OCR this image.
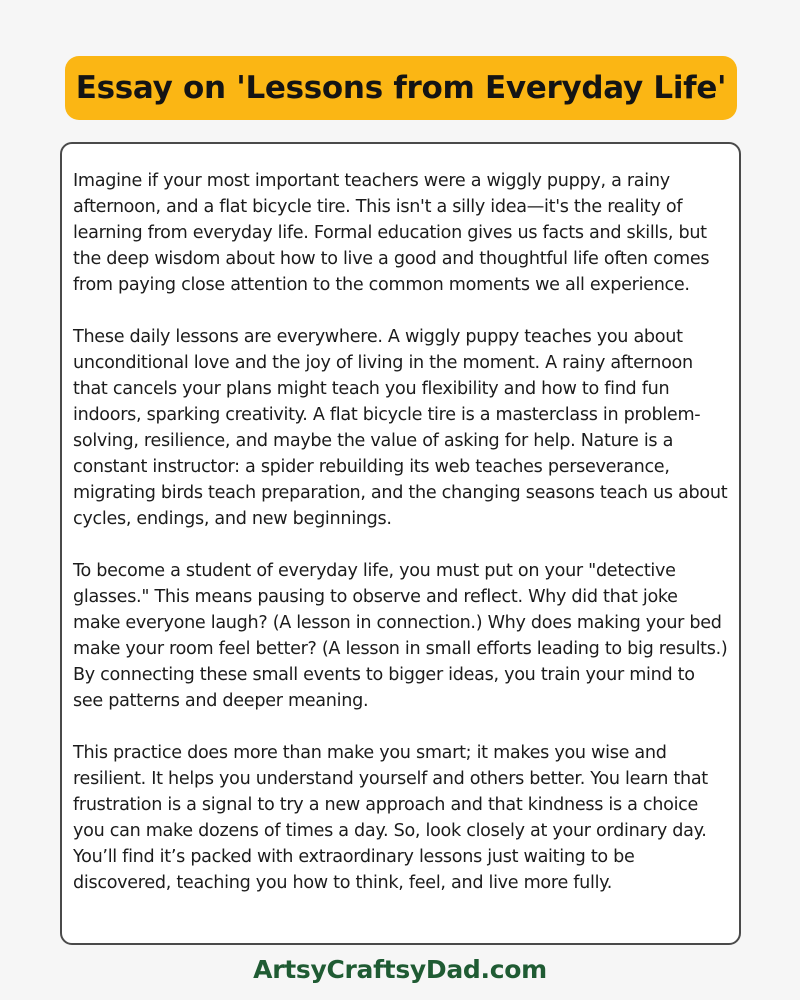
Essay on 'Lessons from Everyday Life'

Imagine if your most important teachers were a wiggly puppy, a rainy afternoon, and a flat bicycle tire. This isn't a silly idea—it's the reality of learning from everyday life. Formal education gives us facts and skills, but the deep wisdom about how to live a good and thoughtful life often comes from paying close attention to the common moments we all experience.

These daily lessons are everywhere. A wiggly puppy teaches you about unconditional love and the joy of living in the moment. A rainy afternoon that cancels your plans might teach you flexibility and how to find fun indoors, sparking creativity. A flat bicycle tire is a masterclass in problem-solving, resilience, and maybe the value of asking for help. Nature is a constant instructor: a spider rebuilding its web teaches perseverance, migrating birds teach preparation, and the changing seasons teach us about cycles, endings, and new beginnings.

To become a student of everyday life, you must put on your "detective glasses." This means pausing to observe and reflect. Why did that joke make everyone laugh? (A lesson in connection.) Why does making your bed make your room feel better? (A lesson in small efforts leading to big results.) By connecting these small events to bigger ideas, you train your mind to see patterns and deeper meaning.

This practice does more than make you smart; it makes you wise and resilient. It helps you understand yourself and others better. You learn that frustration is a signal to try a new approach and that kindness is a choice you can make dozens of times a day. So, look closely at your ordinary day. You’ll find it’s packed with extraordinary lessons just waiting to be discovered, teaching you how to think, feel, and live more fully.

ArtsyCraftsyDad.com
